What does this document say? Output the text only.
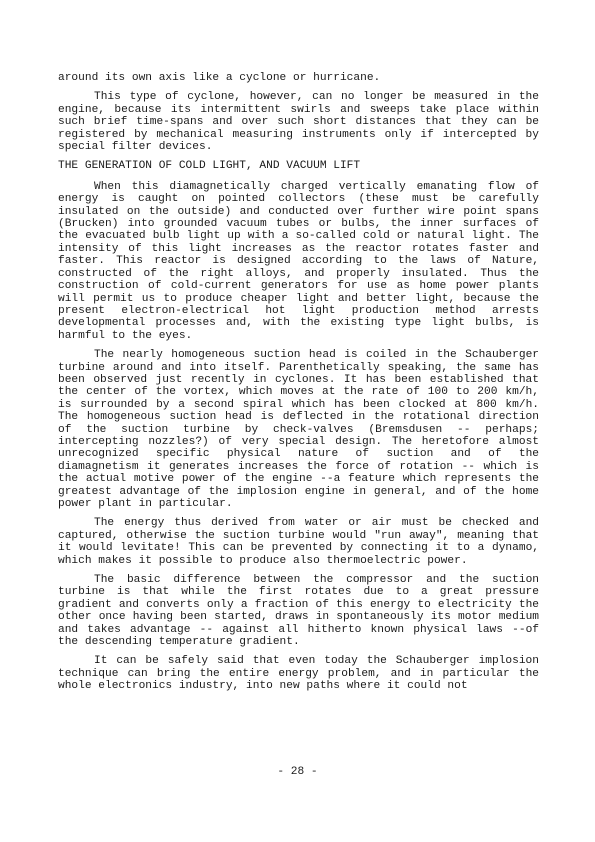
around its own axis like a cyclone or hurricane.

This type of cyclone, however, can no longer be measured in the engine, because its intermittent swirls and sweeps take place within such brief time-spans and over such short distances that they can be registered by mechanical measuring instruments only if intercepted by special filter devices.

THE GENERATION OF COLD LIGHT, AND VACUUM LIFT

When this diamagnetically charged vertically emanating flow of energy is caught on pointed collectors (these must be carefully insulated on the outside) and conducted over further wire point spans (Brucken) into grounded vacuum tubes or bulbs, the inner surfaces of the evacuated bulb light up with a so-called cold or natural light. The intensity of this light increases as the reactor rotates faster and faster. This reactor is designed according to the laws of Nature, constructed of the right alloys, and properly insulated. Thus the construction of cold-current generators for use as home power plants will permit us to produce cheaper light and better light, because the present electron-electrical hot light production method arrests developmental processes and, with the existing type light bulbs, is harmful to the eyes.

The nearly homogeneous suction head is coiled in the Schauberger turbine around and into itself. Parenthetically speaking, the same has been observed just recently in cyclones. It has been established that the center of the vortex, which moves at the rate of 100 to 200 km/h, is surrounded by a second spiral which has been clocked at 800 km/h. The homogeneous suction head is deflected in the rotational direction of the suction turbine by check-valves (Bremsdusen -- perhaps; intercepting nozzles?) of very special design. The heretofore almost unrecognized specific physical nature of suction and of the diamagnetism it generates increases the force of rotation -- which is the actual motive power of the engine --a feature which represents the greatest advantage of the implosion engine in general, and of the home power plant in particular.

The energy thus derived from water or air must be checked and captured, otherwise the suction turbine would "run away", meaning that it would levitate! This can be prevented by connecting it to a dynamo, which makes it possible to produce also thermoelectric power.

The basic difference between the compressor and the suction turbine is that while the first rotates due to a great pressure gradient and converts only a fraction of this energy to electricity the other once having been started, draws in spontaneously its motor medium and takes advantage -- against all hitherto known physical laws --of the descending temperature gradient.

It can be safely said that even today the Schauberger implosion technique can bring the entire energy problem, and in particular the whole electronics industry, into new paths where it could not

- 28 -
